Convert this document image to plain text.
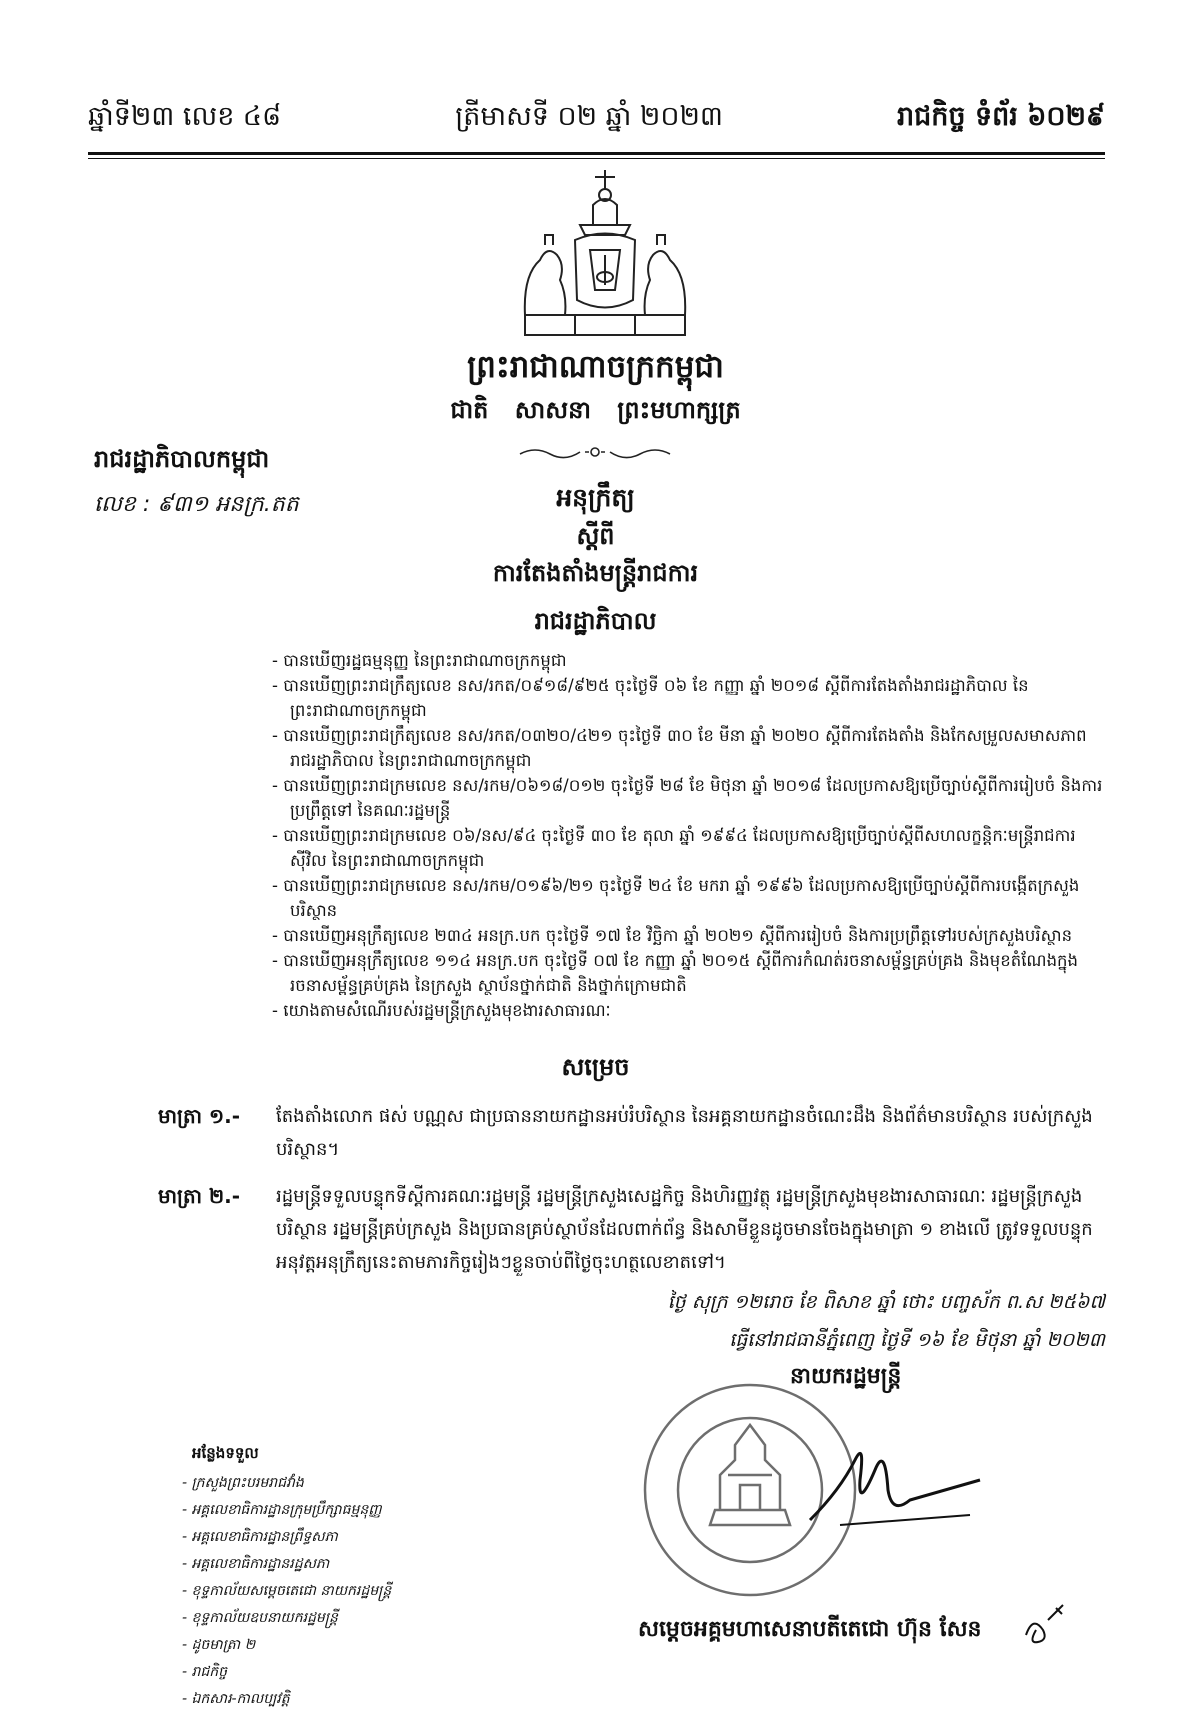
ឆ្នាំទី២៣ លេខ ៤៨	ត្រីមាសទី ០២ ឆ្នាំ ២០២៣	រាជកិច្ច ទំព័រ ៦០២៩
ព្រះរាជាណាចក្រកម្ពុជា
ជាតិ សាសនា ព្រះមហាក្សត្រ
រាជរដ្ឋាភិបាលកម្ពុជា
លេខ : ៩៣១ អនក្រ.តត	អនុក្រឹត្យ
ស្តីពី
ការតែងតាំងមន្ត្រីរាជការ
រាជរដ្ឋាភិបាល
- បានឃើញរដ្ឋធម្មនុញ្ញ នៃព្រះរាជាណាចក្រកម្ពុជា
- បានឃើញព្រះរាជក្រឹត្យលេខ នស/រកត/០៩១៨/៩២៥ ចុះថ្ងៃទី ០៦ ខែ កញ្ញា ឆ្នាំ ២០១៨ ស្តីពីការតែងតាំងរាជរដ្ឋាភិបាល នៃព្រះរាជាណាចក្រកម្ពុជា
- បានឃើញព្រះរាជក្រឹត្យលេខ នស/រកត/០៣២០/៤២១ ចុះថ្ងៃទី ៣០ ខែ មីនា ឆ្នាំ ២០២០ ស្តីពីការតែងតាំង និងកែសម្រួលសមាសភាពរាជរដ្ឋាភិបាល នៃព្រះរាជាណាចក្រកម្ពុជា
- បានឃើញព្រះរាជក្រមលេខ នស/រកម/០៦១៨/០១២ ចុះថ្ងៃទី ២៨ ខែ មិថុនា ឆ្នាំ ២០១៨ ដែលប្រកាសឱ្យប្រើច្បាប់ស្តីពីការរៀបចំ និងការប្រព្រឹត្តទៅ នៃគណៈរដ្ឋមន្ត្រី
- បានឃើញព្រះរាជក្រមលេខ ០៦/នស/៩៤ ចុះថ្ងៃទី ៣០ ខែ តុលា ឆ្នាំ ១៩៩៤ ដែលប្រកាសឱ្យប្រើច្បាប់ស្តីពីសហលក្ខន្តិកៈមន្ត្រីរាជការស៊ីវិល នៃព្រះរាជាណាចក្រកម្ពុជា
- បានឃើញព្រះរាជក្រមលេខ នស/រកម/០១៩៦/២១ ចុះថ្ងៃទី ២៤ ខែ មករា ឆ្នាំ ១៩៩៦ ដែលប្រកាសឱ្យប្រើច្បាប់ស្តីពីការបង្កើតក្រសួងបរិស្ថាន
- បានឃើញអនុក្រឹត្យលេខ ២៣៤ អនក្រ.បក ចុះថ្ងៃទី ១៧ ខែ វិច្ឆិកា ឆ្នាំ ២០២១ ស្តីពីការរៀបចំ និងការប្រព្រឹត្តទៅរបស់ក្រសួងបរិស្ថាន
- បានឃើញអនុក្រឹត្យលេខ ១១៤ អនក្រ.បក ចុះថ្ងៃទី ០៧ ខែ កញ្ញា ឆ្នាំ ២០១៥ ស្តីពីការកំណត់រចនាសម្ព័ន្ធគ្រប់គ្រង និងមុខតំណែងក្នុងរចនាសម្ព័ន្ធគ្រប់គ្រង នៃក្រសួង ស្ថាប័នថ្នាក់ជាតិ និងថ្នាក់ក្រោមជាតិ
- យោងតាមសំណើរបស់រដ្ឋមន្ត្រីក្រសួងមុខងារសាធារណៈ
សម្រេច
មាត្រា ១.- តែងតាំងលោក ផស់ បណ្ណស ជាប្រធាននាយកដ្ឋានអប់រំបរិស្ថាន នៃអគ្គនាយកដ្ឋានចំណេះដឹង និងព័ត៌មានបរិស្ថាន របស់ក្រសួងបរិស្ថាន។
មាត្រា ២.- រដ្ឋមន្ត្រីទទួលបន្ទុកទីស្តីការគណៈរដ្ឋមន្ត្រី រដ្ឋមន្ត្រីក្រសួងសេដ្ឋកិច្ច និងហិរញ្ញវត្ថុ រដ្ឋមន្ត្រីក្រសួងមុខងារសាធារណៈ រដ្ឋមន្ត្រីក្រសួងបរិស្ថាន រដ្ឋមន្ត្រីគ្រប់ក្រសួង និងប្រធានគ្រប់ស្ថាប័នដែលពាក់ព័ន្ធ និងសាមីខ្លួនដូចមានចែងក្នុងមាត្រា ១ ខាងលើ ត្រូវទទួលបន្ទុកអនុវត្តអនុក្រឹត្យនេះតាមភារកិច្ចរៀងៗខ្លួនចាប់ពីថ្ងៃចុះហត្ថលេខាតទៅ។
ថ្ងៃ សុក្រ ១២រោច ខែ ពិសាខ ឆ្នាំ ថោះ បញ្ចស័ក ព.ស ២៥៦៧
ធ្វើនៅរាជធានីភ្នំពេញ ថ្ងៃទី ១៦ ខែ មិថុនា ឆ្នាំ ២០២៣
នាយករដ្ឋមន្ត្រី
អន្លែងទទួល
- ក្រសួងព្រះបរមរាជវាំង
- អគ្គលេខាធិការដ្ឋានក្រុមប្រឹក្សាធម្មនុញ្ញ
- អគ្គលេខាធិការដ្ឋានព្រឹទ្ធសភា
- អគ្គលេខាធិការដ្ឋានរដ្ឋសភា
- ខុទ្ទកាល័យសម្តេចតេជោ នាយករដ្ឋមន្ត្រី
- ខុទ្ទកាល័យឧបនាយករដ្ឋមន្ត្រី
- ដូចមាត្រា ២
- រាជកិច្ច
- ឯកសារ-កាលប្បវត្តិ
សម្តេចអគ្គមហាសេនាបតីតេជោ ហ៊ុន សែន
